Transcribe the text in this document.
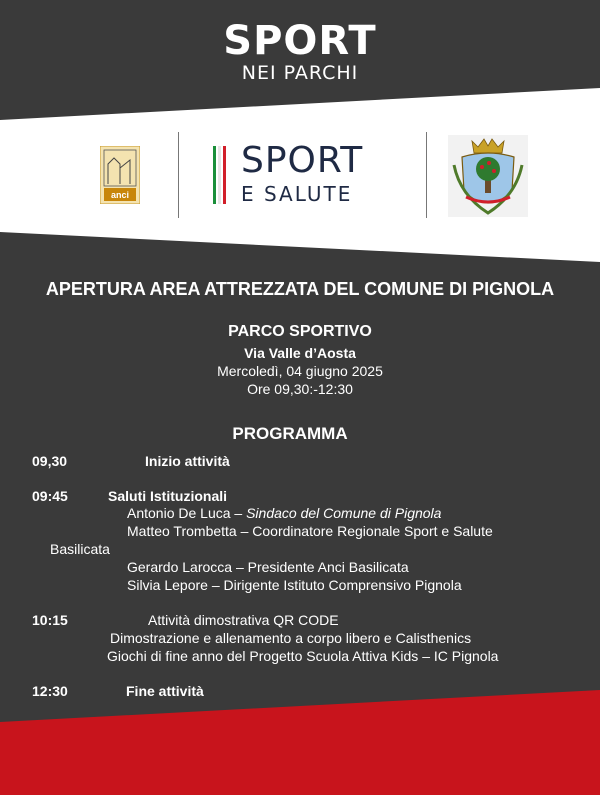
SPORT
NEI PARCHI
anci
SPORT
E SALUTE
APERTURA AREA ATTREZZATA DEL COMUNE DI PIGNOLA
PARCO SPORTIVO
Via Valle d’Aosta
Mercoledì, 04 giugno 2025
Ore 09,30:-12:30
PROGRAMMA
09,30	Inizio attività
09:45	Saluti Istituzionali
Antonio De Luca – Sindaco del Comune di Pignola
Matteo Trombetta – Coordinatore Regionale Sport e Salute
Basilicata
Gerardo Larocca – Presidente Anci Basilicata
Silvia Lepore – Dirigente Istituto Comprensivo Pignola
10:15	Attività dimostrativa QR CODE
Dimostrazione e allenamento a corpo libero e Calisthenics
Giochi di fine anno del Progetto Scuola Attiva Kids – IC Pignola
12:30	Fine attività
